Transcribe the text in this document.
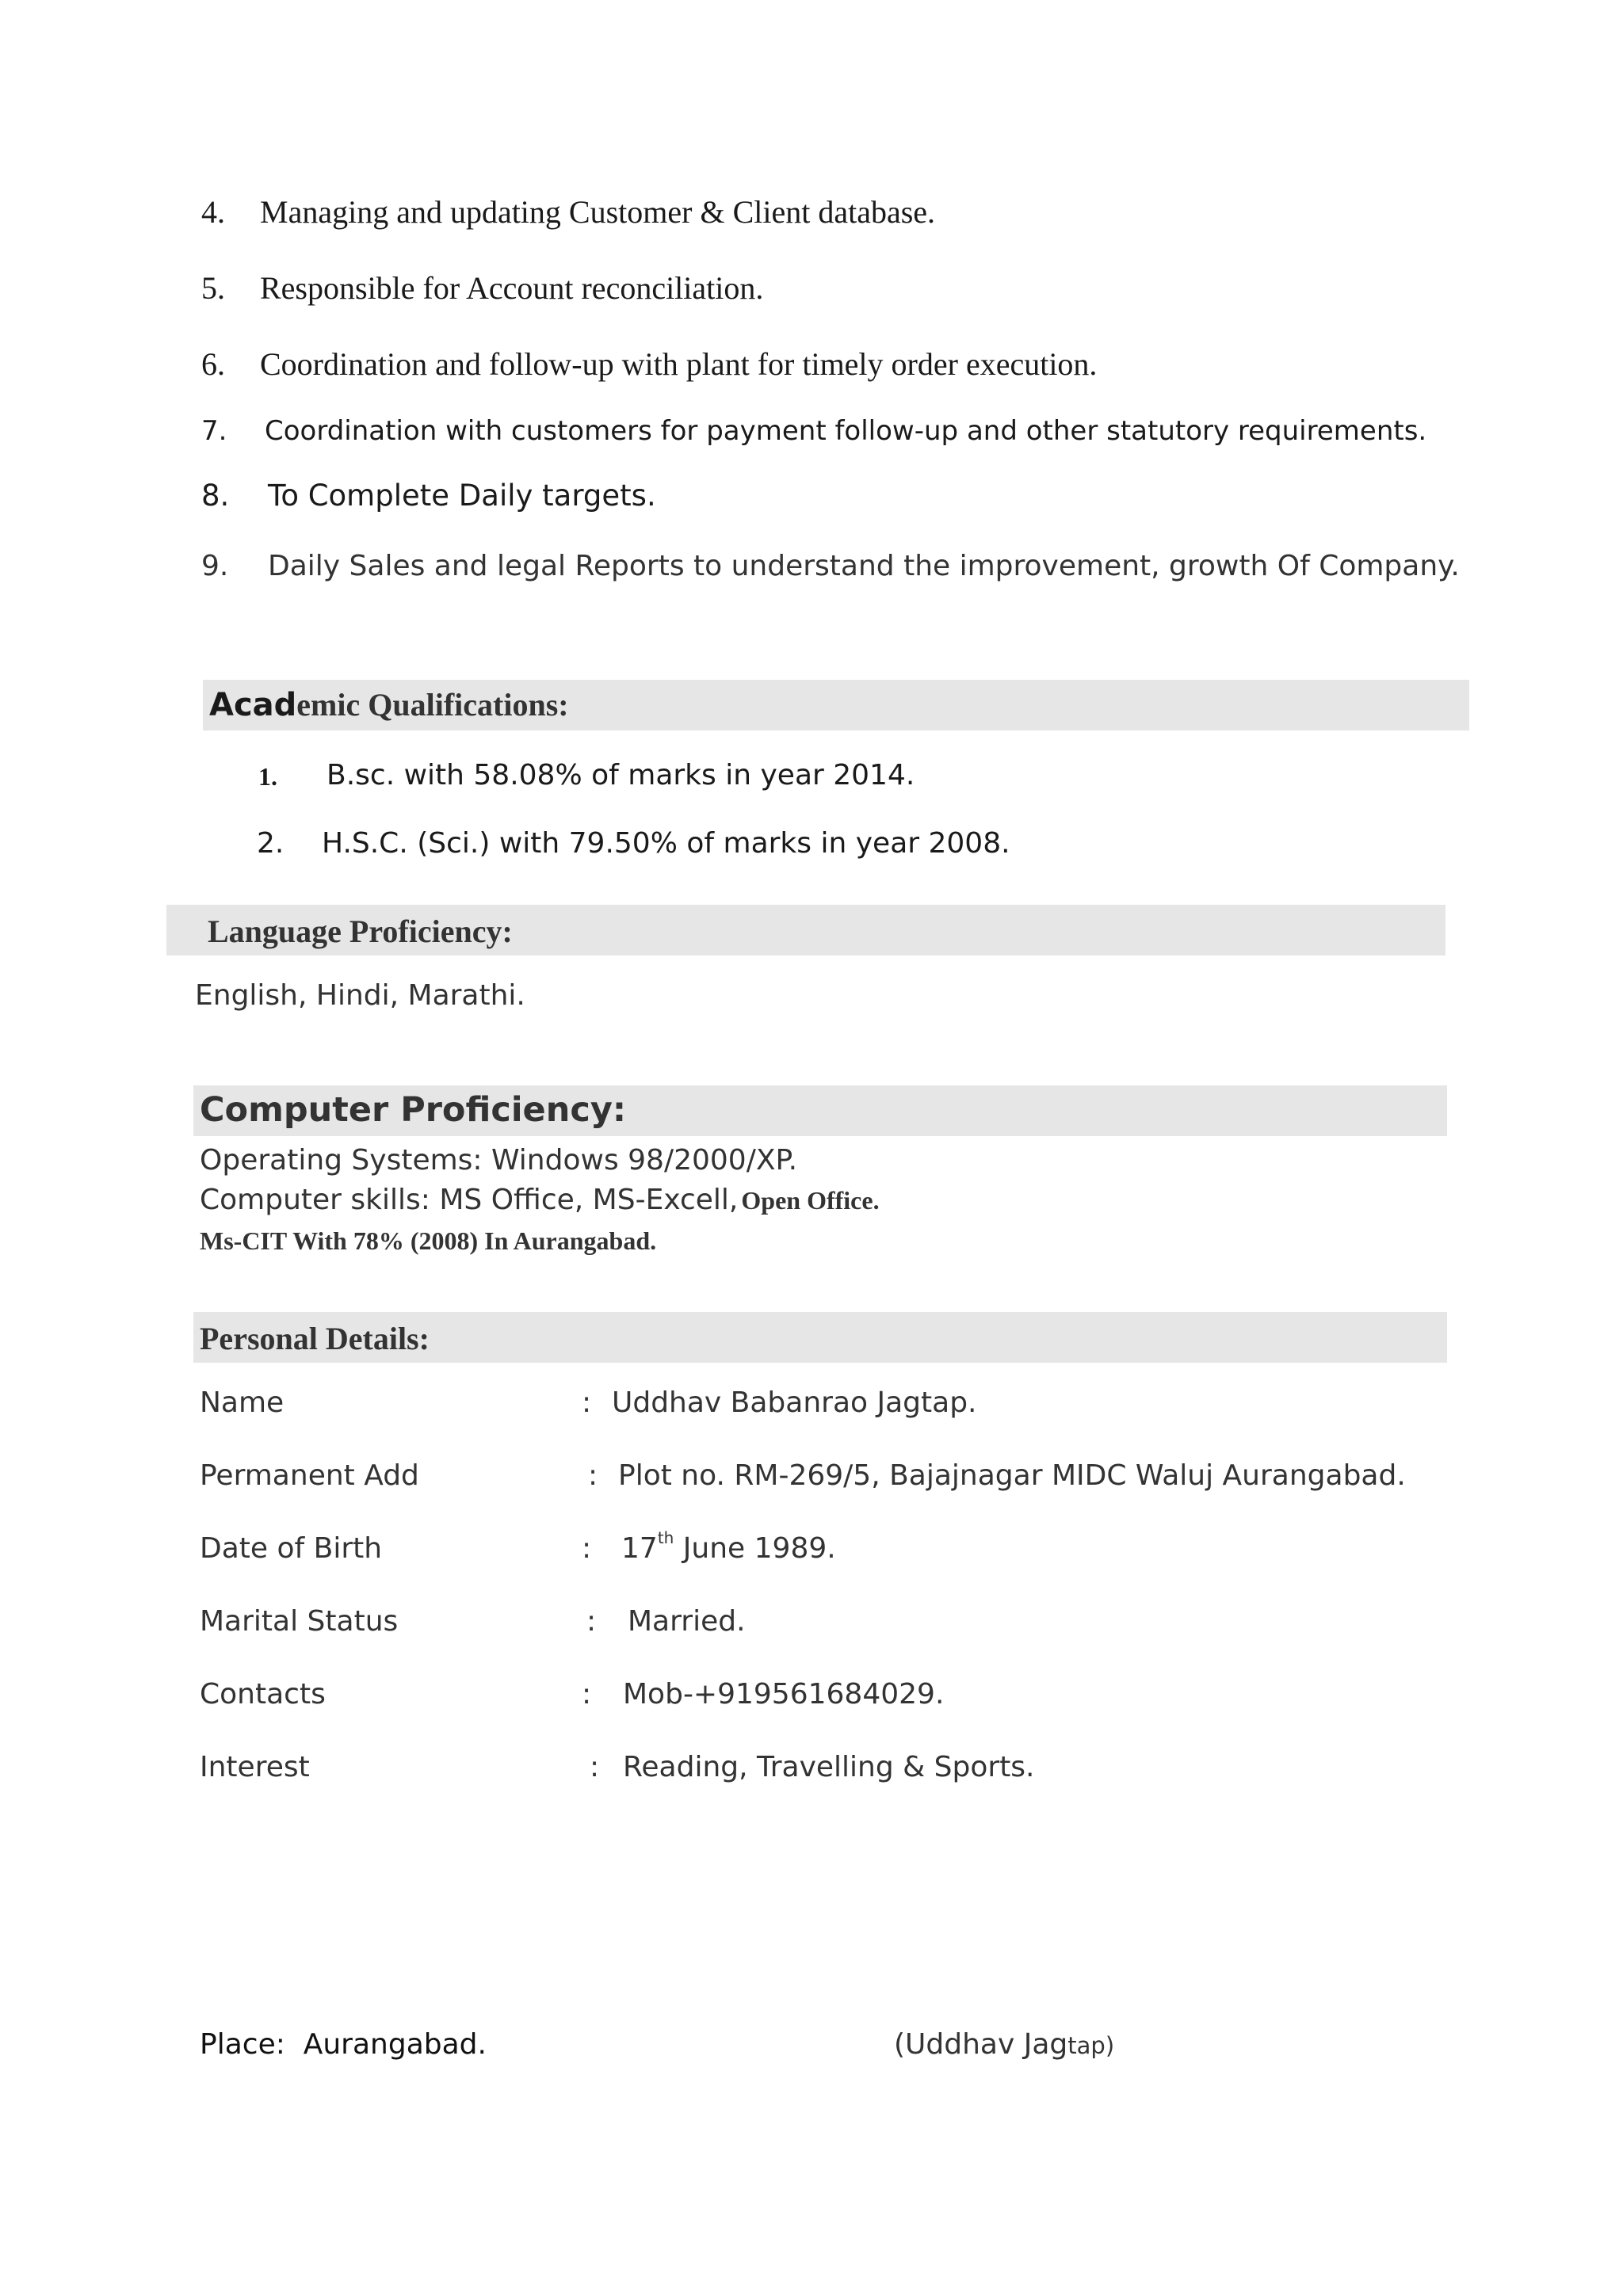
4. Managing and updating Customer & Client database.
5. Responsible for Account reconciliation.
6. Coordination and follow-up with plant for timely order execution.
7. Coordination with customers for payment follow-up and other statutory requirements.
8. To Complete Daily targets.
9. Daily Sales and legal Reports to understand the improvement, growth Of Company.
Academic Qualifications:
1. B.sc. with 58.08% of marks in year 2014.
2. H.S.C. (Sci.) with 79.50% of marks in year 2008.
Language Proficiency:
English, Hindi, Marathi.
Computer Proficiency:
Operating Systems: Windows 98/2000/XP.
Computer skills: MS Office, MS-Excell, Open Office.
Ms-CIT With 78% (2008) In Aurangabad.
Personal Details:
Name	: Uddhav Babanrao Jagtap.
Permanent Add	: Plot no. RM-269/5, Bajajnagar MIDC Waluj Aurangabad.
Date of Birth	: 17th June 1989.
Marital Status	: Married.
Contacts	: Mob-+919561684029.
Interest	: Reading, Travelling & Sports.
Place: Aurangabad.	(Uddhav Jagtap)
